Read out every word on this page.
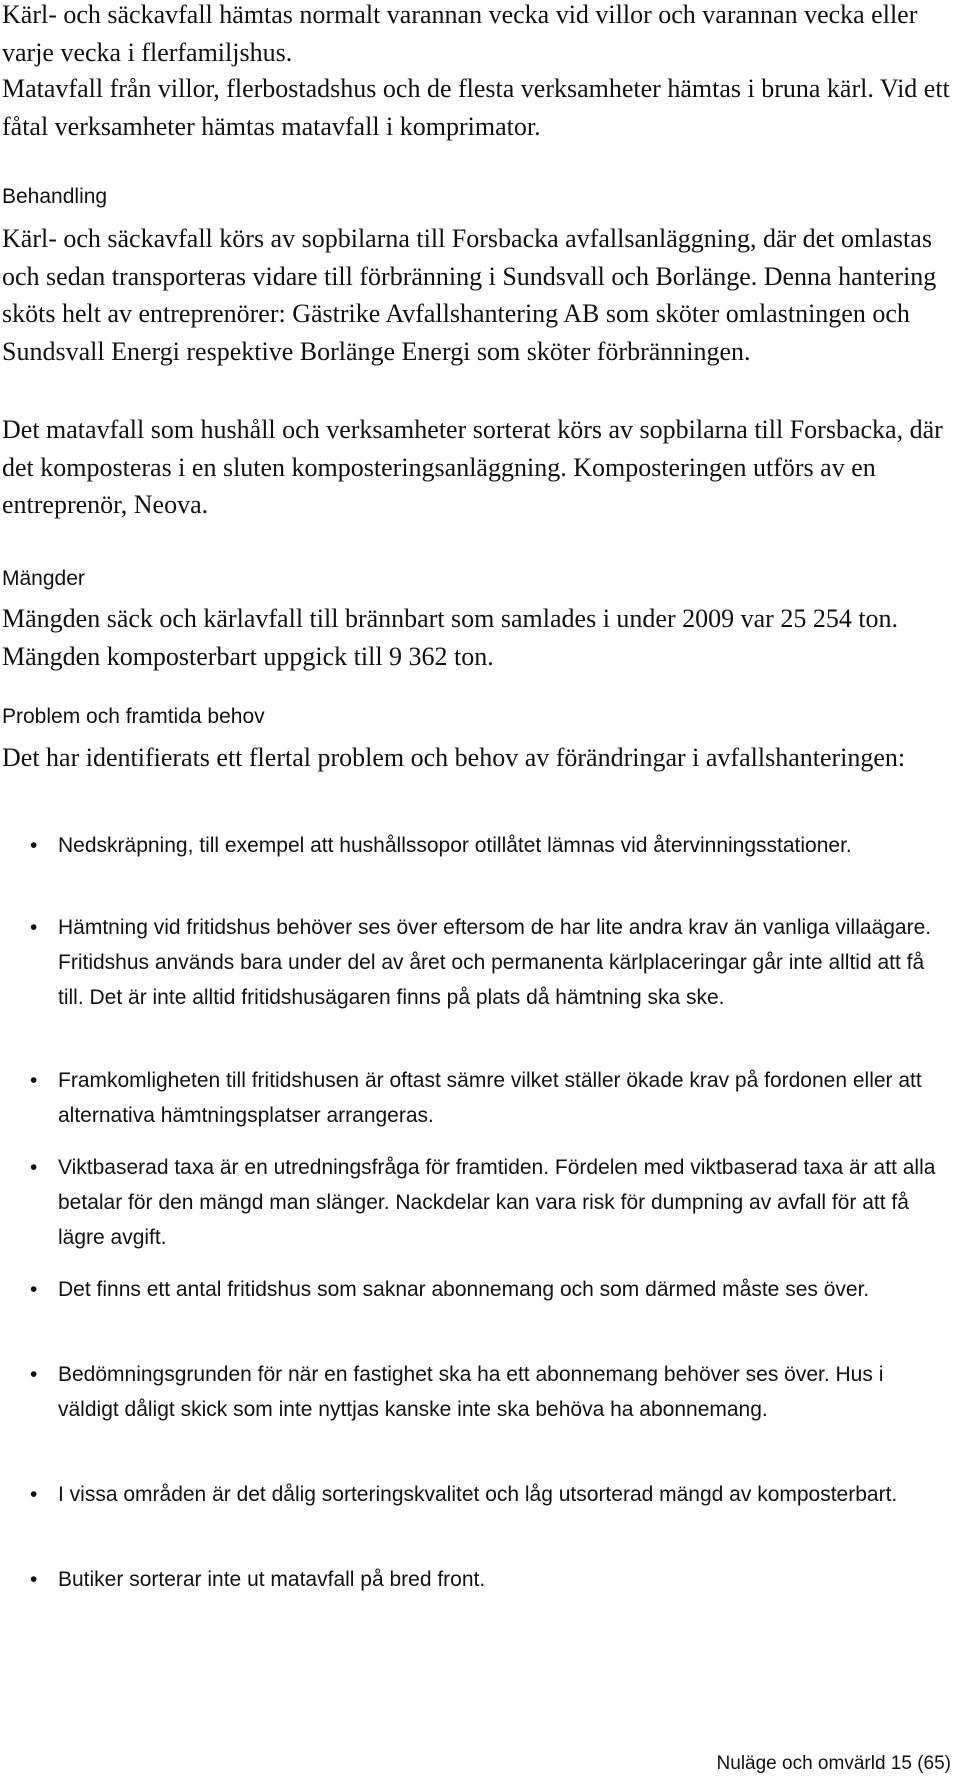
Kärl- och säckavfall hämtas normalt varannan vecka vid villor och varannan vecka eller varje vecka i flerfamiljshus.

Matavfall från villor, flerbostadshus och de flesta verksamheter hämtas i bruna kärl. Vid ett fåtal verksamheter hämtas matavfall i komprimator.

Behandling

Kärl- och säckavfall körs av sopbilarna till Forsbacka avfallsanläggning, där det omlastas och sedan transporteras vidare till förbränning i Sundsvall och Borlänge. Denna hantering sköts helt av entreprenörer: Gästrike Avfallshantering AB som sköter omlastningen och Sundsvall Energi respektive Borlänge Energi som sköter förbränningen.

Det matavfall som hushåll och verksamheter sorterat körs av sopbilarna till Forsbacka, där det komposteras i en sluten komposteringsanläggning. Komposteringen utförs av en entreprenör, Neova.

Mängder

Mängden säck och kärlavfall till brännbart som samlades i under 2009 var 25 254 ton. Mängden komposterbart uppgick till 9 362 ton.

Problem och framtida behov

Det har identifierats ett flertal problem och behov av förändringar i avfallshanteringen:

• Nedskräpning, till exempel att hushållssopor otillåtet lämnas vid återvinningsstationer.
• Hämtning vid fritidshus behöver ses över eftersom de har lite andra krav än vanliga villaägare. Fritidshus används bara under del av året och permanenta kärlplaceringar går inte alltid att få till. Det är inte alltid fritidshusägaren finns på plats då hämtning ska ske.
• Framkomligheten till fritidshusen är oftast sämre vilket ställer ökade krav på fordonen eller att alternativa hämtningsplatser arrangeras.
• Viktbaserad taxa är en utredningsfråga för framtiden. Fördelen med viktbaserad taxa är att alla betalar för den mängd man slänger. Nackdelar kan vara risk för dumpning av avfall för att få lägre avgift.
• Det finns ett antal fritidshus som saknar abonnemang och som därmed måste ses över.
• Bedömningsgrunden för när en fastighet ska ha ett abonnemang behöver ses över. Hus i väldigt dåligt skick som inte nyttjas kanske inte ska behöva ha abonnemang.
• I vissa områden är det dålig sorteringskvalitet och låg utsorterad mängd av komposterbart.
• Butiker sorterar inte ut matavfall på bred front.
Nuläge och omvärld 15 (65)
